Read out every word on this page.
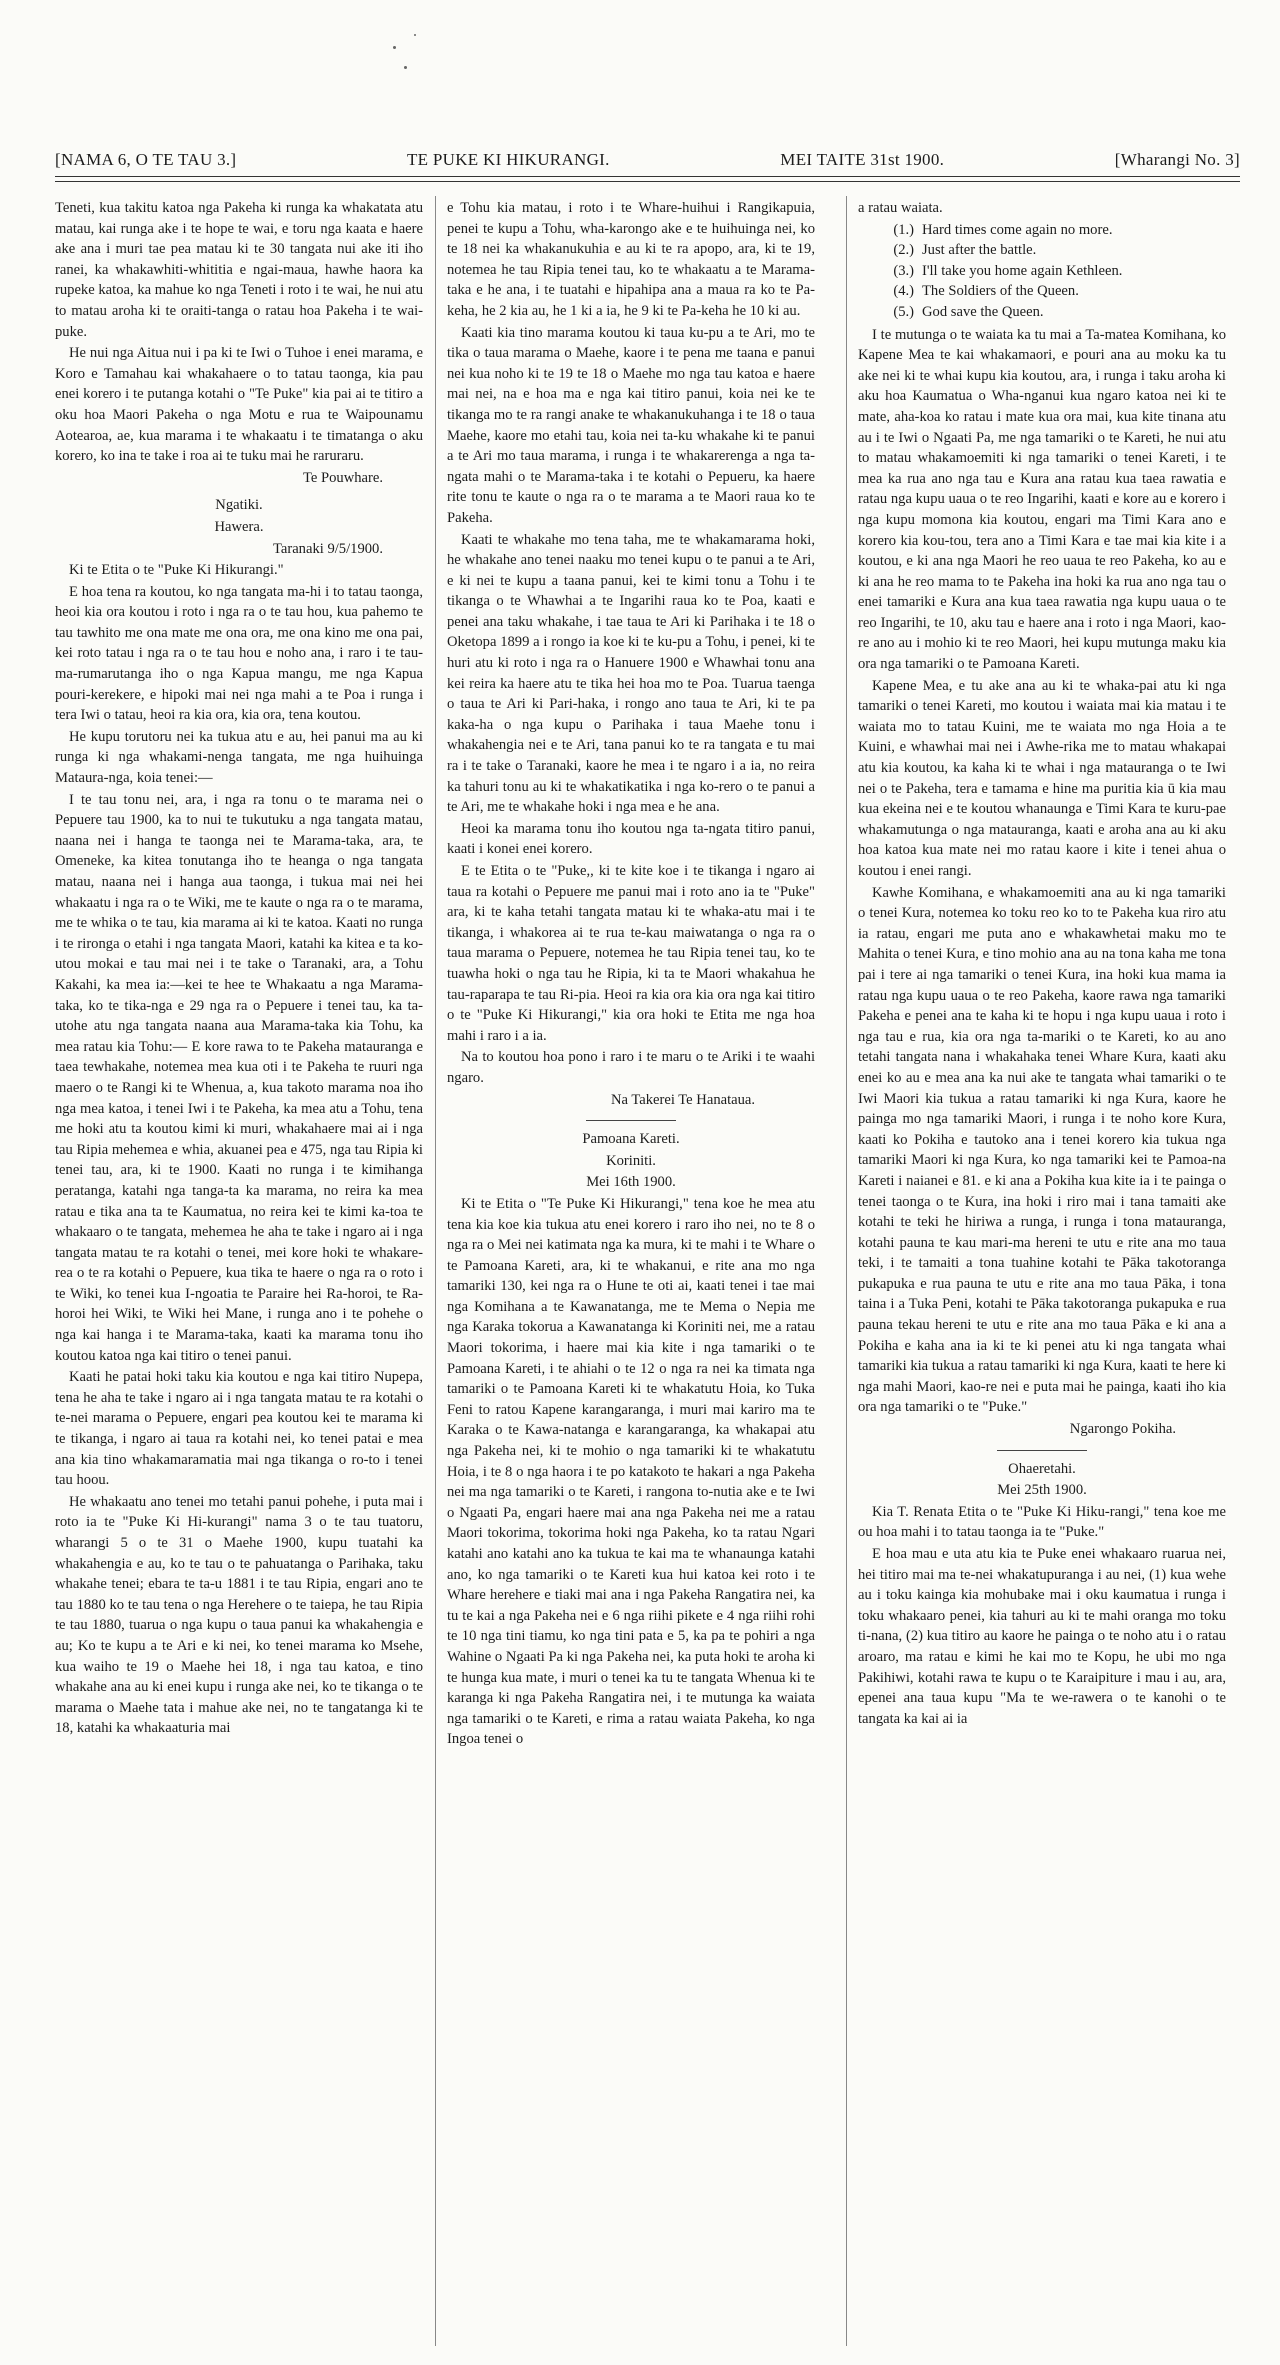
[NAMA 6, O TE TAU 3.]	TE PUKE KI HIKURANGI.	MEI TAITE 31st 1900.	[Wharangi No. 3]

Teneti, kua takitu katoa nga Pakeha ki runga ka whakatata atu matau, kai runga ake i te hope te wai, e toru nga kaata e haere ake ana i muri tae pea matau ki te 30 tangata nui ake iti iho ranei, ka whakawhiti-whititia e ngai-maua, hawhe haora ka rupeke katoa, ka mahue ko nga Teneti i roto i te wai, he nui atu to matau aroha ki te oraiti-tanga o ratau hoa Pakeha i te wai-puke.

He nui nga Aitua nui i pa ki te Iwi o Tuhoe i enei marama, e Koro e Tamahau kai whakahaere o to tatau taonga, kia pau enei korero i te putanga kotahi o "Te Puke" kia pai ai te titiro a oku hoa Maori Pakeha o nga Motu e rua te Waipounamu Aotearoa, ae, kua marama i te whakaatu i te timatanga o aku korero, ko ina te take i roa ai te tuku mai he raruraru.

Te Pouwhare.

Ngatiki.

Hawera.

Taranaki 9/5/1900.

Ki te Etita o te "Puke Ki Hikurangi."

E hoa tena ra koutou, ko nga tangata ma-hi i to tatau taonga, heoi kia ora koutou i roto i nga ra o te tau hou, kua pahemo te tau tawhito me ona mate me ona ora, me ona kino me ona pai, kei roto tatau i nga ra o te tau hou e noho ana, i raro i te tau-ma-rumarutanga iho o nga Kapua mangu, me nga Kapua pouri-kerekere, e hipoki mai nei nga mahi a te Poa i runga i tera Iwi o tatau, heoi ra kia ora, kia ora, tena koutou.

He kupu torutoru nei ka tukua atu e au, hei panui ma au ki runga ki nga whakami-nenga tangata, me nga huihuinga Mataura-nga, koia tenei:—

I te tau tonu nei, ara, i nga ra tonu o te marama nei o Pepuere tau 1900, ka to nui te tukutuku a nga tangata matau, naana nei i hanga te taonga nei te Marama-taka, ara, te Omeneke, ka kitea tonutanga iho te heanga o nga tangata matau, naana nei i hanga aua taonga, i tukua mai nei hei whakaatu i nga ra o te Wiki, me te kaute o nga ra o te marama, me te whika o te tau, kia marama ai ki te katoa. Kaati no runga i te rironga o etahi i nga tangata Maori, katahi ka kitea e ta ko-utou mokai e tau mai nei i te take o Taranaki, ara, a Tohu Kakahi, ka mea ia:—kei te hee te Whakaatu a nga Marama-taka, ko te tika-nga e 29 nga ra o Pepuere i tenei tau, ka ta-utohe atu nga tangata naana aua Marama-taka kia Tohu, ka mea ratau kia Tohu:— E kore rawa to te Pakeha matauranga e taea tewhakahe, notemea mea kua oti i te Pakeha te ruuri nga maero o te Rangi ki te Whenua, a, kua takoto marama noa iho nga mea katoa, i tenei Iwi i te Pakeha, ka mea atu a Tohu, tena me hoki atu ta koutou kimi ki muri, whakahaere mai ai i nga tau Ripia mehemea e whia, akuanei pea e 475, nga tau Ripia ki tenei tau, ara, ki te 1900. Kaati no runga i te kimihanga peratanga, katahi nga tanga-ta ka marama, no reira ka mea ratau e tika ana ta te Kaumatua, no reira kei te kimi ka-toa te whakaaro o te tangata, mehemea he aha te take i ngaro ai i nga tangata matau te ra kotahi o tenei, mei kore hoki te whakare-rea o te ra kotahi o Pepuere, kua tika te haere o nga ra o roto i te Wiki, ko tenei kua I-ngoatia te Paraire hei Ra-horoi, te Ra-horoi hei Wiki, te Wiki hei Mane, i runga ano i te pohehe o nga kai hanga i te Marama-taka, kaati ka marama tonu iho koutou katoa nga kai titiro o tenei panui.

Kaati he patai hoki taku kia koutou e nga kai titiro Nupepa, tena he aha te take i ngaro ai i nga tangata matau te ra kotahi o te-nei marama o Pepuere, engari pea koutou kei te marama ki te tikanga, i ngaro ai taua ra kotahi nei, ko tenei patai e mea ana kia tino whakamaramatia mai nga tikanga o ro-to i tenei tau hoou.

He whakaatu ano tenei mo tetahi panui pohehe, i puta mai i roto ia te "Puke Ki Hi-kurangi" nama 3 o te tau tuatoru, wharangi 5 o te 31 o Maehe 1900, kupu tuatahi ka whakahengia e au, ko te tau o te pahuatanga o Parihaka, taku whakahe tenei; ebara te ta-u 1881 i te tau Ripia, engari ano te tau 1880 ko te tau tena o nga Herehere o te taiepa, he tau Ripia te tau 1880, tuarua o nga kupu o taua panui ka whakahengia e au; Ko te kupu a te Ari e ki nei, ko tenei marama ko Msehe, kua waiho te 19 o Maehe hei 18, i nga tau katoa, e tino whakahe ana au ki enei kupu i runga ake nei, ko te tikanga o te marama o Maehe tata i mahue ake nei, no te tangatanga ki te 18, katahi ka whakaaturia mai

e Tohu kia matau, i roto i te Whare-huihui i Rangikapuia, penei te kupu a Tohu, wha-karongo ake e te huihuinga nei, ko te 18 nei ka whakanukuhia e au ki te ra apopo, ara, ki te 19, notemea he tau Ripia tenei tau, ko te whakaatu a te Marama-taka e he ana, i te tuatahi e hipahipa ana a maua ra ko te Pa-keha, he 2 kia au, he 1 ki a ia, he 9 ki te Pa-keha he 10 ki au.

Kaati kia tino marama koutou ki taua ku-pu a te Ari, mo te tika o taua marama o Maehe, kaore i te pena me taana e panui nei kua noho ki te 19 te 18 o Maehe mo nga tau katoa e haere mai nei, na e hoa ma e nga kai titiro panui, koia nei ke te tikanga mo te ra rangi anake te whakanukuhanga i te 18 o taua Maehe, kaore mo etahi tau, koia nei ta-ku whakahe ki te panui a te Ari mo taua marama, i runga i te whakarerenga a nga ta-ngata mahi o te Marama-taka i te kotahi o Pepueru, ka haere rite tonu te kaute o nga ra o te marama a te Maori raua ko te Pakeha.

Kaati te whakahe mo tena taha, me te whakamarama hoki, he whakahe ano tenei naaku mo tenei kupu o te panui a te Ari, e ki nei te kupu a taana panui, kei te kimi tonu a Tohu i te tikanga o te Whawhai a te Ingarihi raua ko te Poa, kaati e penei ana taku whakahe, i tae taua te Ari ki Parihaka i te 18 o Oketopa 1899 a i rongo ia koe ki te ku-pu a Tohu, i penei, ki te huri atu ki roto i nga ra o Hanuere 1900 e Whawhai tonu ana kei reira ka haere atu te tika hei hoa mo te Poa. Tuarua taenga o taua te Ari ki Pari-haka, i rongo ano taua te Ari, ki te pa kaka-ha o nga kupu o Parihaka i taua Maehe tonu i whakahengia nei e te Ari, tana panui ko te ra tangata e tu mai ra i te take o Taranaki, kaore he mea i te ngaro i a ia, no reira ka tahuri tonu au ki te whakatikatika i nga ko-rero o te panui a te Ari, me te whakahe hoki i nga mea e he ana.

Heoi ka marama tonu iho koutou nga ta-ngata titiro panui, kaati i konei enei korero.

E te Etita o te "Puke,, ki te kite koe i te tikanga i ngaro ai taua ra kotahi o Pepuere me panui mai i roto ano ia te "Puke" ara, ki te kaha tetahi tangata matau ki te whaka-atu mai i te tikanga, i whakorea ai te rua te-kau maiwatanga o nga ra o taua marama o Pepuere, notemea he tau Ripia tenei tau, ko te tuawha hoki o nga tau he Ripia, ki ta te Maori whakahua he tau-raparapa te tau Ri-pia. Heoi ra kia ora kia ora nga kai titiro o te "Puke Ki Hikurangi," kia ora hoki te Etita me nga hoa mahi i raro i a ia.

Na to koutou hoa pono i raro i te maru o te Ariki i te waahi ngaro.

Na Takerei Te Hanataua.

Pamoana Kareti.

Koriniti.

Mei 16th 1900.

Ki te Etita o "Te Puke Ki Hikurangi," tena koe he mea atu tena kia koe kia tukua atu enei korero i raro iho nei, no te 8 o nga ra o Mei nei katimata nga ka mura, ki te mahi i te Whare o te Pamoana Kareti, ara, ki te whakanui, e rite ana mo nga tamariki 130, kei nga ra o Hune te oti ai, kaati tenei i tae mai nga Komihana a te Kawanatanga, me te Mema o Nepia me nga Karaka tokorua a Kawanatanga ki Koriniti nei, me a ratau Maori tokorima, i haere mai kia kite i nga tamariki o te Pamoana Kareti, i te ahiahi o te 12 o nga ra nei ka timata nga tamariki o te Pamoana Kareti ki te whakatutu Hoia, ko Tuka Feni to ratou Kapene karangaranga, i muri mai kariro ma te Karaka o te Kawa-natanga e karangaranga, ka whakapai atu nga Pakeha nei, ki te mohio o nga tamariki ki te whakatutu Hoia, i te 8 o nga haora i te po katakoto te hakari a nga Pakeha nei ma nga tamariki o te Kareti, i rangona to-nutia ake e te Iwi o Ngaati Pa, engari haere mai ana nga Pakeha nei me a ratau Maori tokorima, tokorima hoki nga Pakeha, ko ta ratau Ngari katahi ano katahi ano ka tukua te kai ma te whanaunga katahi ano, ko nga tamariki o te Kareti kua hui katoa kei roto i te Whare herehere e tiaki mai ana i nga Pakeha Rangatira nei, ka tu te kai a nga Pakeha nei e 6 nga riihi pikete e 4 nga riihi rohi te 10 nga tini tiamu, ko nga tini pata e 5, ka pa te pohiri a nga Wahine o Ngaati Pa ki nga Pakeha nei, ka puta hoki te aroha ki te hunga kua mate, i muri o tenei ka tu te tangata Whenua ki te karanga ki nga Pakeha Rangatira nei, i te mutunga ka waiata nga tamariki o te Kareti, e rima a ratau waiata Pakeha, ko nga Ingoa tenei o

a ratau waiata.

(1.) Hard times come again no more.
(2.) Just after the battle.
(3.) I'll take you home again Kethleen.
(4.) The Soldiers of the Queen.
(5.) God save the Queen.

I te mutunga o te waiata ka tu mai a Ta-matea Komihana, ko Kapene Mea te kai whakamaori, e pouri ana au moku ka tu ake nei ki te whai kupu kia koutou, ara, i runga i taku aroha ki aku hoa Kaumatua o Wha-nganui kua ngaro katoa nei ki te mate, aha-koa ko ratau i mate kua ora mai, kua kite tinana atu au i te Iwi o Ngaati Pa, me nga tamariki o te Kareti, he nui atu to matau whakamoemiti ki nga tamariki o tenei Kareti, i te mea ka rua ano nga tau e Kura ana ratau kua taea rawatia e ratau nga kupu uaua o te reo Ingarihi, kaati e kore au e korero i nga kupu momona kia koutou, engari ma Timi Kara ano e korero kia kou-tou, tera ano a Timi Kara e tae mai kia kite i a koutou, e ki ana nga Maori he reo uaua te reo Pakeha, ko au e ki ana he reo mama to te Pakeha ina hoki ka rua ano nga tau o enei tamariki e Kura ana kua taea rawatia nga kupu uaua o te reo Ingarihi, te 10, aku tau e haere ana i roto i nga Maori, kao-re ano au i mohio ki te reo Maori, hei kupu mutunga maku kia ora nga tamariki o te Pamoana Kareti.

Kapene Mea, e tu ake ana au ki te whaka-pai atu ki nga tamariki o tenei Kareti, mo koutou i waiata mai kia matau i te waiata mo to tatau Kuini, me te waiata mo nga Hoia a te Kuini, e whawhai mai nei i Awhe-rika me to matau whakapai atu kia koutou, ka kaha ki te whai i nga matauranga o te Iwi nei o te Pakeha, tera e tamama e hine ma puritia kia ū kia mau kua ekeina nei e te koutou whanaunga e Timi Kara te kuru-pae whakamutunga o nga matauranga, kaati e aroha ana au ki aku hoa katoa kua mate nei mo ratau kaore i kite i tenei ahua o koutou i enei rangi.

Kawhe Komihana, e whakamoemiti ana au ki nga tamariki o tenei Kura, notemea ko toku reo ko to te Pakeha kua riro atu ia ratau, engari me puta ano e whakawhetai maku mo te Mahita o tenei Kura, e tino mohio ana au na tona kaha me tona pai i tere ai nga tamariki o tenei Kura, ina hoki kua mama ia ratau nga kupu uaua o te reo Pakeha, kaore rawa nga tamariki Pakeha e penei ana te kaha ki te hopu i nga kupu uaua i roto i nga tau e rua, kia ora nga ta-mariki o te Kareti, ko au ano tetahi tangata nana i whakahaka tenei Whare Kura, kaati aku enei ko au e mea ana ka nui ake te tangata whai tamariki o te Iwi Maori kia tukua a ratau tamariki ki nga Kura, kaore he painga mo nga tamariki Maori, i runga i te noho kore Kura, kaati ko Pokiha e tautoko ana i tenei korero kia tukua nga tamariki Maori ki nga Kura, ko nga tamariki kei te Pamoa-na Kareti i naianei e 81. e ki ana a Pokiha kua kite ia i te painga o tenei taonga o te Kura, ina hoki i riro mai i tana tamaiti ake kotahi te teki he hiriwa a runga, i runga i tona matauranga, kotahi pauna te kau mari-ma hereni te utu e rite ana mo taua teki, i te tamaiti a tona tuahine kotahi te Pāka takotoranga pukapuka e rua pauna te utu e rite ana mo taua Pāka, i tona taina i a Tuka Peni, kotahi te Pāka takotoranga pukapuka e rua pauna tekau hereni te utu e rite ana mo taua Pāka e ki ana a Pokiha e kaha ana ia ki te ki penei atu ki nga tangata whai tamariki kia tukua a ratau tamariki ki nga Kura, kaati te here ki nga mahi Maori, kao-re nei e puta mai he painga, kaati iho kia ora nga tamariki o te "Puke."

Ngarongo Pokiha.

Ohaeretahi.

Mei 25th 1900.

Kia T. Renata Etita o te "Puke Ki Hiku-rangi," tena koe me ou hoa mahi i to tatau taonga ia te "Puke."

E hoa mau e uta atu kia te Puke enei whakaaro ruarua nei, hei titiro mai ma te-nei whakatupuranga i au nei, (1) kua wehe au i toku kainga kia mohubake mai i oku kaumatua i runga i toku whakaaro penei, kia tahuri au ki te mahi oranga mo toku ti-nana, (2) kua titiro au kaore he painga o te noho atu i o ratau aroaro, ma ratau e kimi he kai mo te Kopu, he ubi mo nga Pakihiwi, kotahi rawa te kupu o te Karaipiture i mau i au, ara, epenei ana taua kupu "Ma te we-rawera o te kanohi o te tangata ka kai ai ia
